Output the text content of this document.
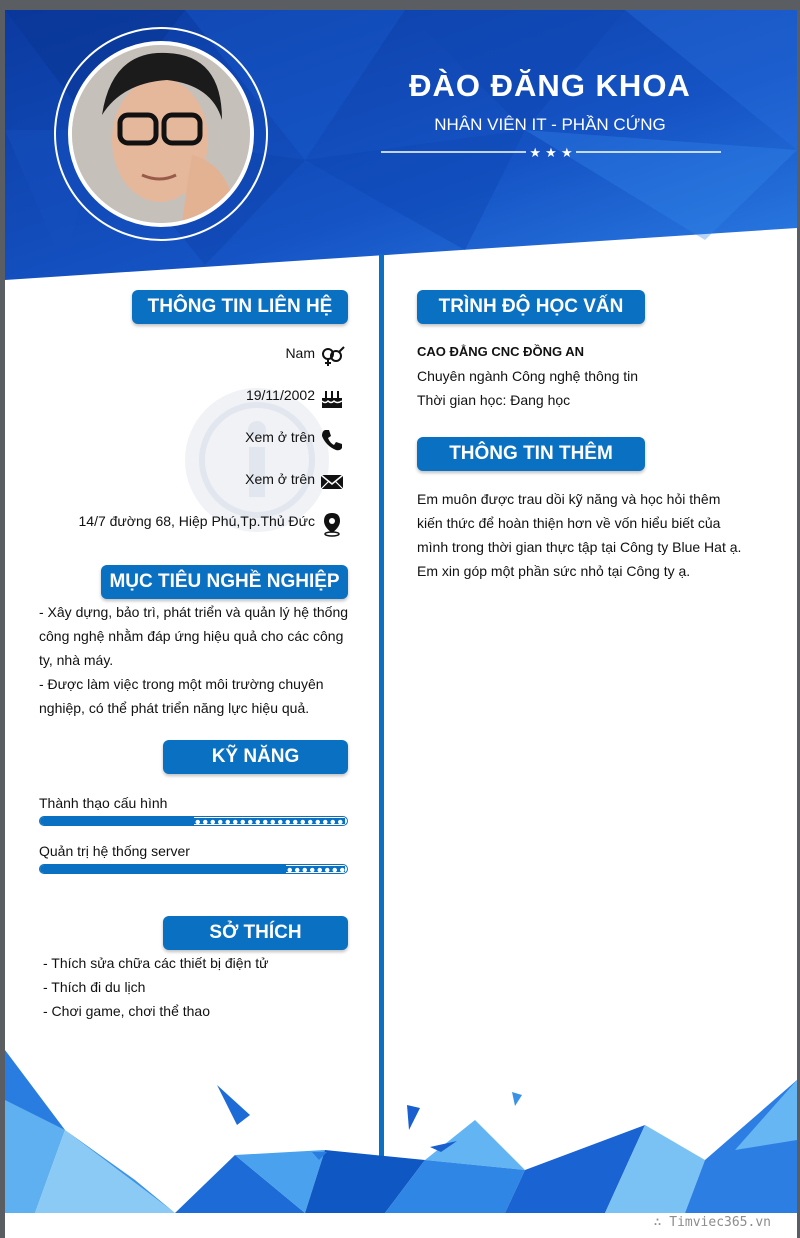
ĐÀO ĐĂNG KHOA
NHÂN VIÊN IT - PHẦN CỨNG
★ ★ ★
THÔNG TIN LIÊN HỆ
Nam
19/11/2002
Xem ở trên
Xem ở trên
14/7 đường 68, Hiệp Phú,Tp.Thủ Đức
MỤC TIÊU NGHỀ NGHIỆP
- Xây dựng, bảo trì, phát triển và quản lý hệ thống
công nghệ nhằm đáp ứng hiệu quả cho các công
ty, nhà máy.
- Được làm việc trong một môi trường chuyên
nghiệp, có thể phát triển năng lực hiệu quả.
KỸ NĂNG
Thành thạo cấu hình
Quản trị hệ thống server
SỞ THÍCH
- Thích sửa chữa các thiết bị điện tử
- Thích đi du lịch
- Chơi game, chơi thể thao
TRÌNH ĐỘ HỌC VẤN
CAO ĐẲNG CNC ĐỒNG AN
Chuyên ngành Công nghệ thông tin
Thời gian học: Đang học
THÔNG TIN THÊM
Em muôn được trau dồi kỹ năng và học hỏi thêm
kiến thức để hoàn thiện hơn về vốn hiểu biết của
mình trong thời gian thực tập tại Công ty Blue Hat ạ.
Em xin góp một phần sức nhỏ tại Công ty ạ.
∴ Timviec365.vn
